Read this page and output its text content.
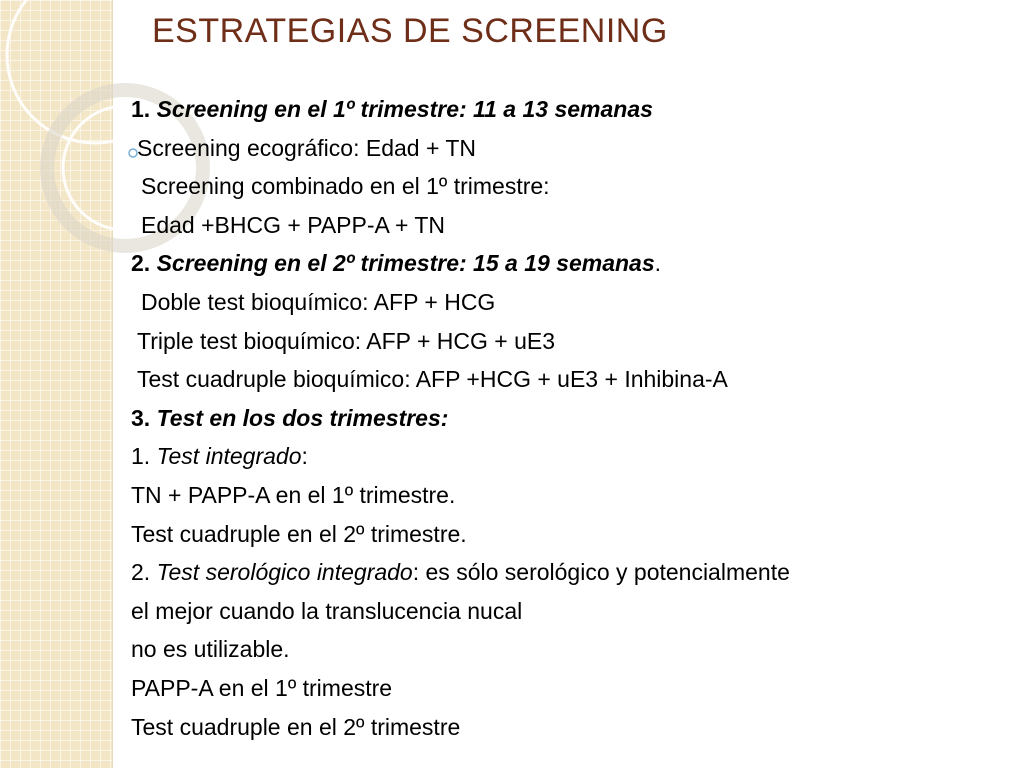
ESTRATEGIAS DE SCREENING
1. Screening en el 1º trimestre: 11 a 13 semanas
Screening ecográfico: Edad + TN
Screening combinado en el 1º trimestre:
Edad +BHCG + PAPP-A + TN
2. Screening en el 2º trimestre: 15 a 19 semanas.
Doble test bioquímico: AFP + HCG
Triple test bioquímico: AFP + HCG + uE3
Test cuadruple bioquímico: AFP +HCG + uE3 + Inhibina-A
3. Test en los dos trimestres:
1. Test integrado:
TN + PAPP-A en el 1º trimestre.
Test cuadruple en el 2º trimestre.
2. Test serológico integrado: es sólo serológico y potencialmente
el mejor cuando la translucencia nucal
no es utilizable.
PAPP-A en el 1º trimestre
Test cuadruple en el 2º trimestre
